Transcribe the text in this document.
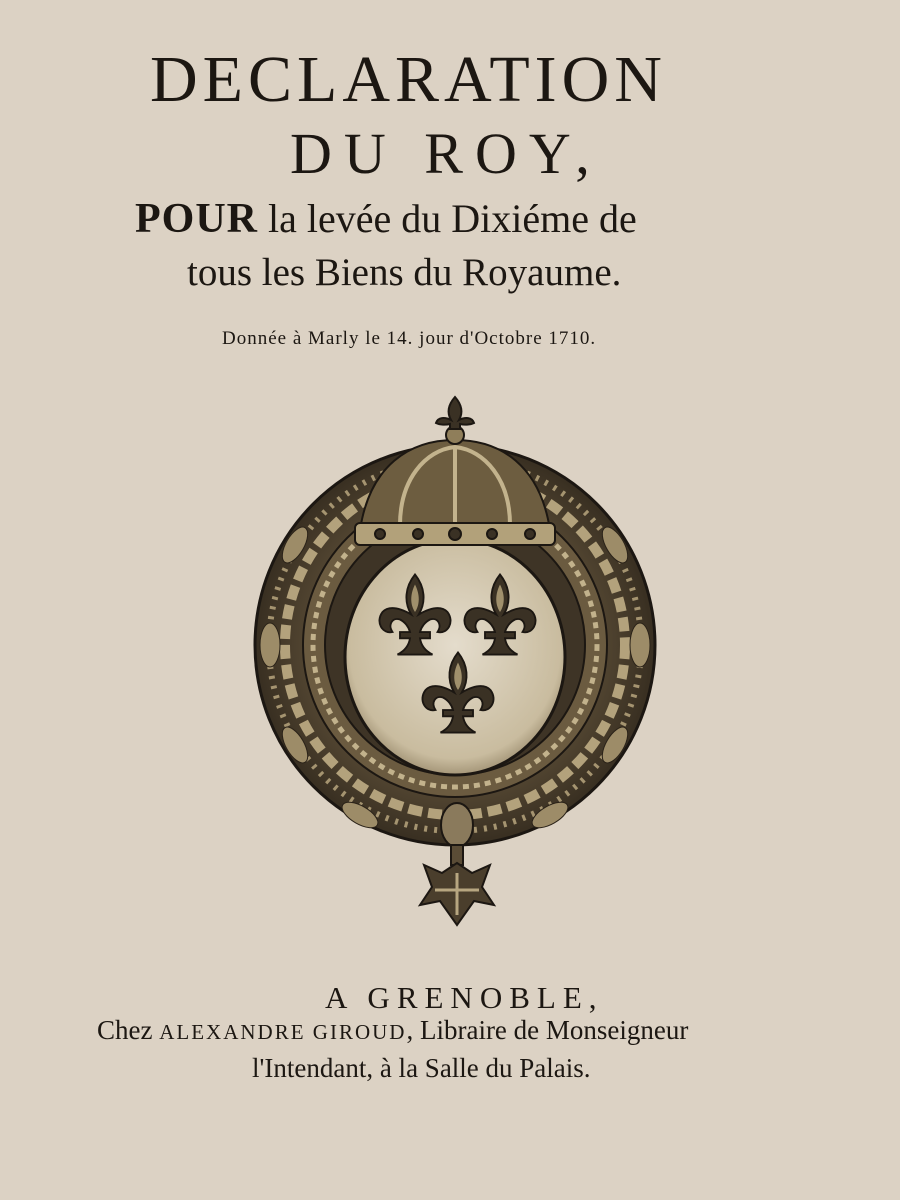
DECLARATION
DU ROY,
POUR la levée du Dixiéme de
tous les Biens du Royaume.
Donnée à Marly le 14. jour d'Octobre 1710.
A GRENOBLE,
Chez ALEXANDRE GIROUD, Libraire de Monseigneur
l'Intendant, à la Salle du Palais.
